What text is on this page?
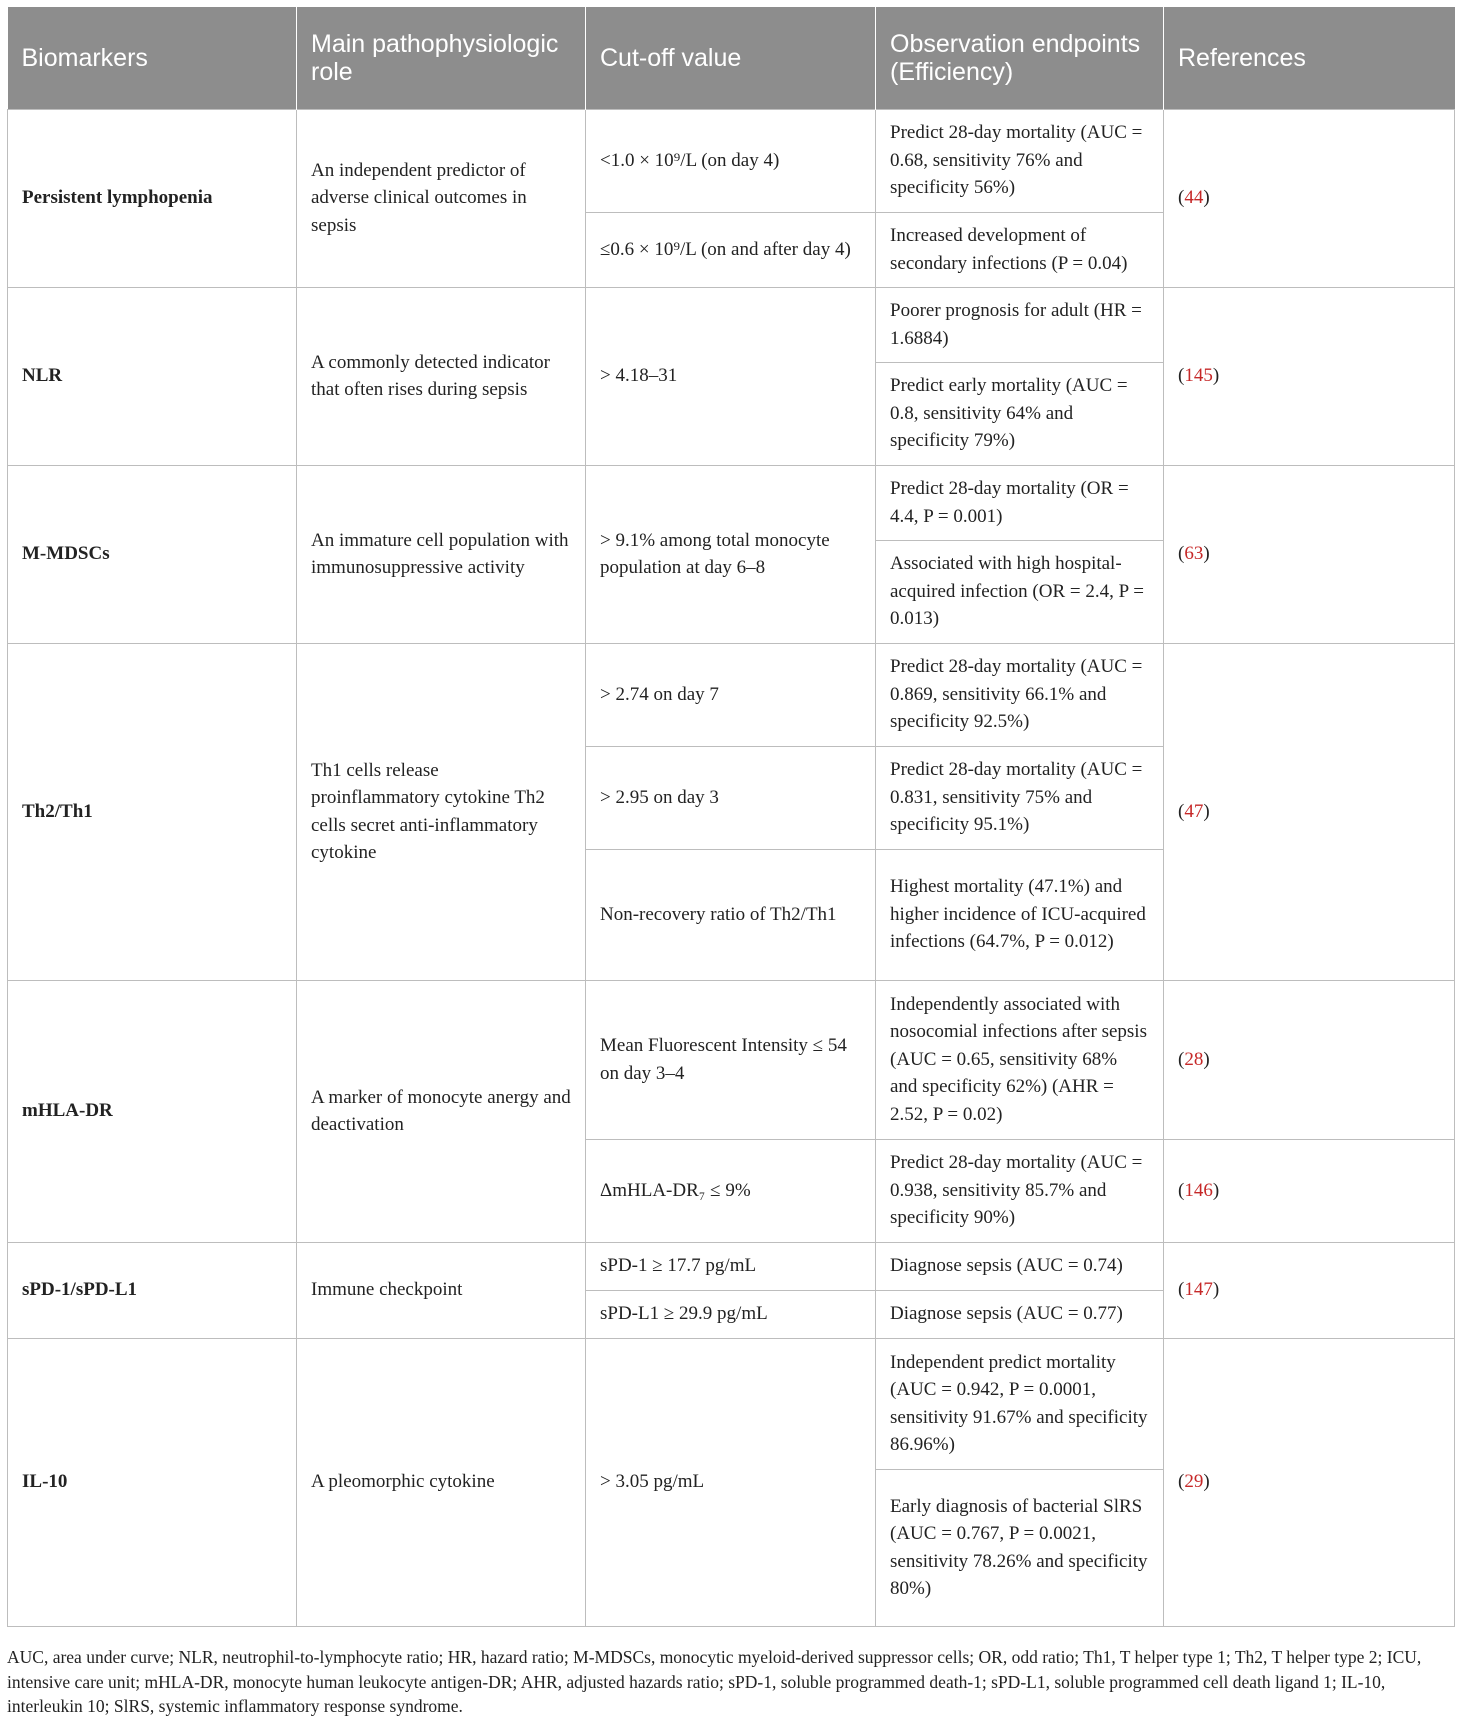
Biomarkers	Main pathophysiologic role	Cut-off value	Observation endpoints (Efficiency)	References
Persistent lymphopenia	An independent predictor of adverse clinical outcomes in sepsis	<1.0 × 10⁹/L (on day 4)	Predict 28-day mortality (AUC = 0.68, sensitivity 76% and specificity 56%)	(44)
		≤0.6 × 10⁹/L (on and after day 4)	Increased development of secondary infections (P = 0.04)	
NLR	A commonly detected indicator that often rises during sepsis	> 4.18–31	Poorer prognosis for adult (HR = 1.6884)	(145)
			Predict early mortality (AUC = 0.8, sensitivity 64% and specificity 79%)	
M-MDSCs	An immature cell population with immunosuppressive activity	> 9.1% among total monocyte population at day 6–8	Predict 28-day mortality (OR = 4.4, P = 0.001)	(63)
			Associated with high hospital-acquired infection (OR = 2.4, P = 0.013)	
Th2/Th1	Th1 cells release proinflammatory cytokine Th2 cells secret anti-inflammatory cytokine	> 2.74 on day 7	Predict 28-day mortality (AUC = 0.869, sensitivity 66.1% and specificity 92.5%)	(47)
		> 2.95 on day 3	Predict 28-day mortality (AUC = 0.831, sensitivity 75% and specificity 95.1%)	
		Non-recovery ratio of Th2/Th1	Highest mortality (47.1%) and higher incidence of ICU-acquired infections (64.7%, P = 0.012)	
mHLA-DR	A marker of monocyte anergy and deactivation	Mean Fluorescent Intensity ≤ 54 on day 3–4	Independently associated with nosocomial infections after sepsis (AUC = 0.65, sensitivity 68% and specificity 62%) (AHR = 2.52, P = 0.02)	(28)
		ΔmHLA-DR₇ ≤ 9%	Predict 28-day mortality (AUC = 0.938, sensitivity 85.7% and specificity 90%)	(146)
sPD-1/sPD-L1	Immune checkpoint	sPD-1 ≥ 17.7 pg/mL	Diagnose sepsis (AUC = 0.74)	(147)
		sPD-L1 ≥ 29.9 pg/mL	Diagnose sepsis (AUC = 0.77)	
IL-10	A pleomorphic cytokine	> 3.05 pg/mL	Independent predict mortality (AUC = 0.942, P = 0.0001, sensitivity 91.67% and specificity 86.96%)	(29)
			Early diagnosis of bacterial SlRS (AUC = 0.767, P = 0.0021, sensitivity 78.26% and specificity 80%)	
AUC, area under curve; NLR, neutrophil-to-lymphocyte ratio; HR, hazard ratio; M-MDSCs, monocytic myeloid-derived suppressor cells; OR, odd ratio; Th1, T helper type 1; Th2, T helper type 2; ICU, intensive care unit; mHLA-DR, monocyte human leukocyte antigen-DR; AHR, adjusted hazards ratio; sPD-1, soluble programmed death-1; sPD-L1, soluble programmed cell death ligand 1; IL-10, interleukin 10; SlRS, systemic inflammatory response syndrome.
